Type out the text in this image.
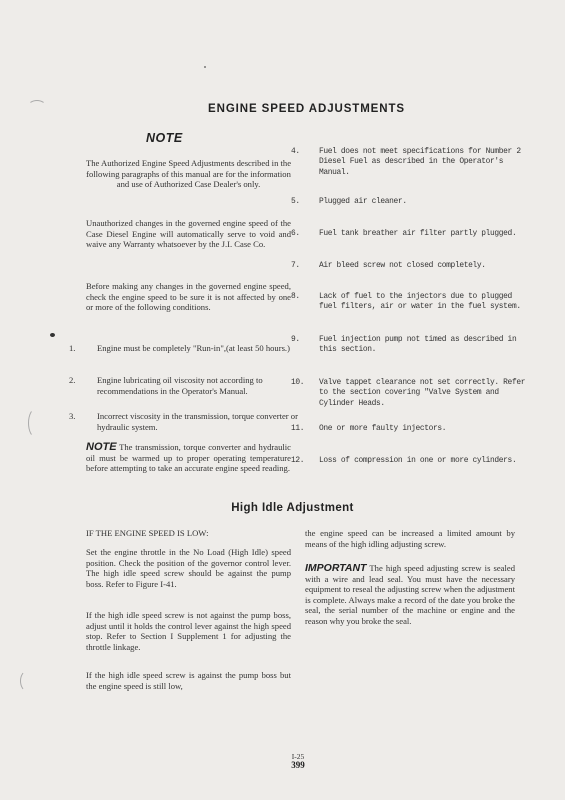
ENGINE SPEED ADJUSTMENTS
NOTE

The Authorized Engine Speed Adjustments described in the following paragraphs of this manual are for the information and use of Authorized Case Dealer's only.

Unauthorized changes in the governed engine speed of the Case Diesel Engine will automatically serve to void and waive any Warranty whatsoever by the J.I. Case Co.

Before making any changes in the governed engine speed, check the engine speed to be sure it is not affected by one or more of the following conditions.

1.	Engine must be completely "Run-in",(at least 50 hours.)
2.	Engine lubricating oil viscosity not according to recommendations in the Operator's Manual.
3.	Incorrect viscosity in the transmission, torque converter or hydraulic system.

NOTE The transmission, torque converter and hydraulic oil must be warmed up to proper operating temperature before attempting to take an accurate engine speed reading.

4. Fuel does not meet specifications for Number 2 Diesel Fuel as described in the Operator's Manual.
5. Plugged air cleaner.
6. Fuel tank breather air filter partly plugged.
7. Air bleed screw not closed completely.
8. Lack of fuel to the injectors due to plugged fuel filters, air or water in the fuel system.
9. Fuel injection pump not timed as described in this section.
10. Valve tappet clearance not set correctly. Refer to the section covering "Valve System and Cylinder Heads.
11. One or more faulty injectors.
12. Loss of compression in one or more cylinders.
High Idle Adjustment

IF THE ENGINE SPEED IS LOW:

Set the engine throttle in the No Load (High Idle) speed position. Check the position of the governor control lever. The high idle speed screw should be against the pump boss. Refer to Figure I-41.

If the high idle speed screw is not against the pump boss, adjust until it holds the control lever against the high speed stop. Refer to Section I Supplement 1 for adjusting the throttle linkage.

If the high idle speed screw is against the pump boss but the engine speed is still low,

the engine speed can be increased a limited amount by means of the high idling adjusting screw.

IMPORTANT The high speed adjusting screw is sealed with a wire and lead seal. You must have the necessary equipment to reseal the adjusting screw when the adjustment is complete. Always make a record of the date you broke the seal, the serial number of the machine or engine and the reason why you broke the seal.

I-25
399
